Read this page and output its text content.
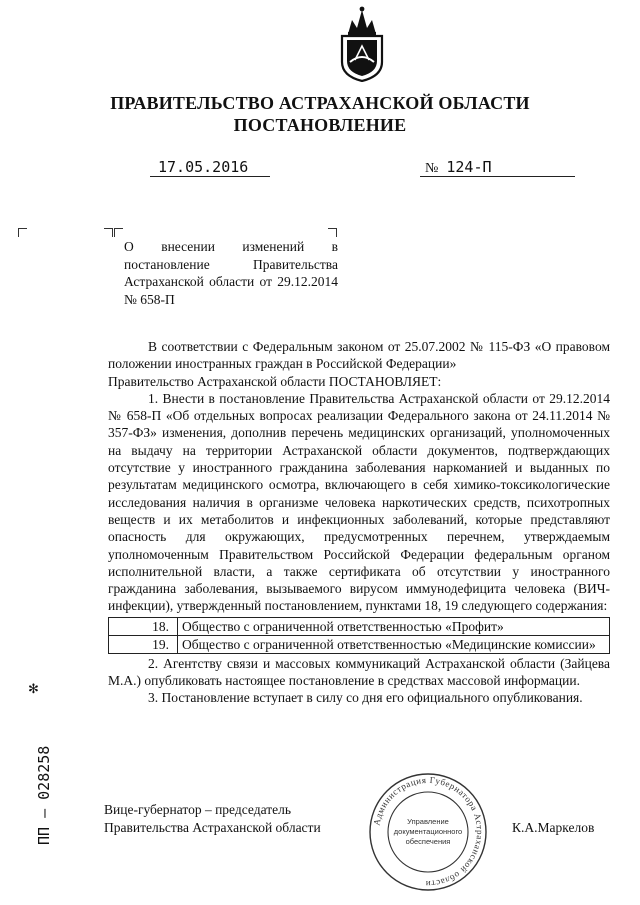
ПРАВИТЕЛЬСТВО АСТРАХАНСКОЙ ОБЛАСТИ
ПОСТАНОВЛЕНИЕ
17.05.2016	№ 124-П
О внесении изменений в постановление Правительства Астраханской области от 29.12.2014 № 658-П

В соответствии с Федеральным законом от 25.07.2002 № 115-ФЗ «О правовом положении иностранных граждан в Российской Федерации»

Правительство Астраханской области ПОСТАНОВЛЯЕТ:

1. Внести в постановление Правительства Астраханской области от 29.12.2014 № 658-П «Об отдельных вопросах реализации Федерального закона от 24.11.2014 № 357-ФЗ» изменения, дополнив перечень медицинских организаций, уполномоченных на выдачу на территории Астраханской области документов, подтверждающих отсутствие у иностранного гражданина заболевания наркоманией и выданных по результатам медицинского осмотра, включающего в себя химико-токсикологические исследования наличия в организме человека наркотических средств, психотропных веществ и их метаболитов и инфекционных заболеваний, которые представляют опасность для окружающих, предусмотренных перечнем, утверждаемым уполномоченным Правительством Российской Федерации федеральным органом исполнительной власти, а также сертификата об отсутствии у иностранного гражданина заболевания, вызываемого вирусом иммунодефицита человека (ВИЧ-инфекции), утвержденный постановлением, пунктами 18, 19 следующего содержания:

18.	Общество с ограниченной ответственностью «Профит»
19.	Общество с ограниченной ответственностью «Медицинские комиссии»

2. Агентству связи и массовых коммуникаций Астраханской области (Зайцева М.А.) опубликовать настоящее постановление в средствах массовой информации.

3. Постановление вступает в силу со дня его официального опубликования.

Вице-губернатор – председатель
Правительства Астраханской области	К.А.Маркелов
Администрация Губернатора Астраханской области
Управление
документационного
обеспечения
✻
ПП – 028258
